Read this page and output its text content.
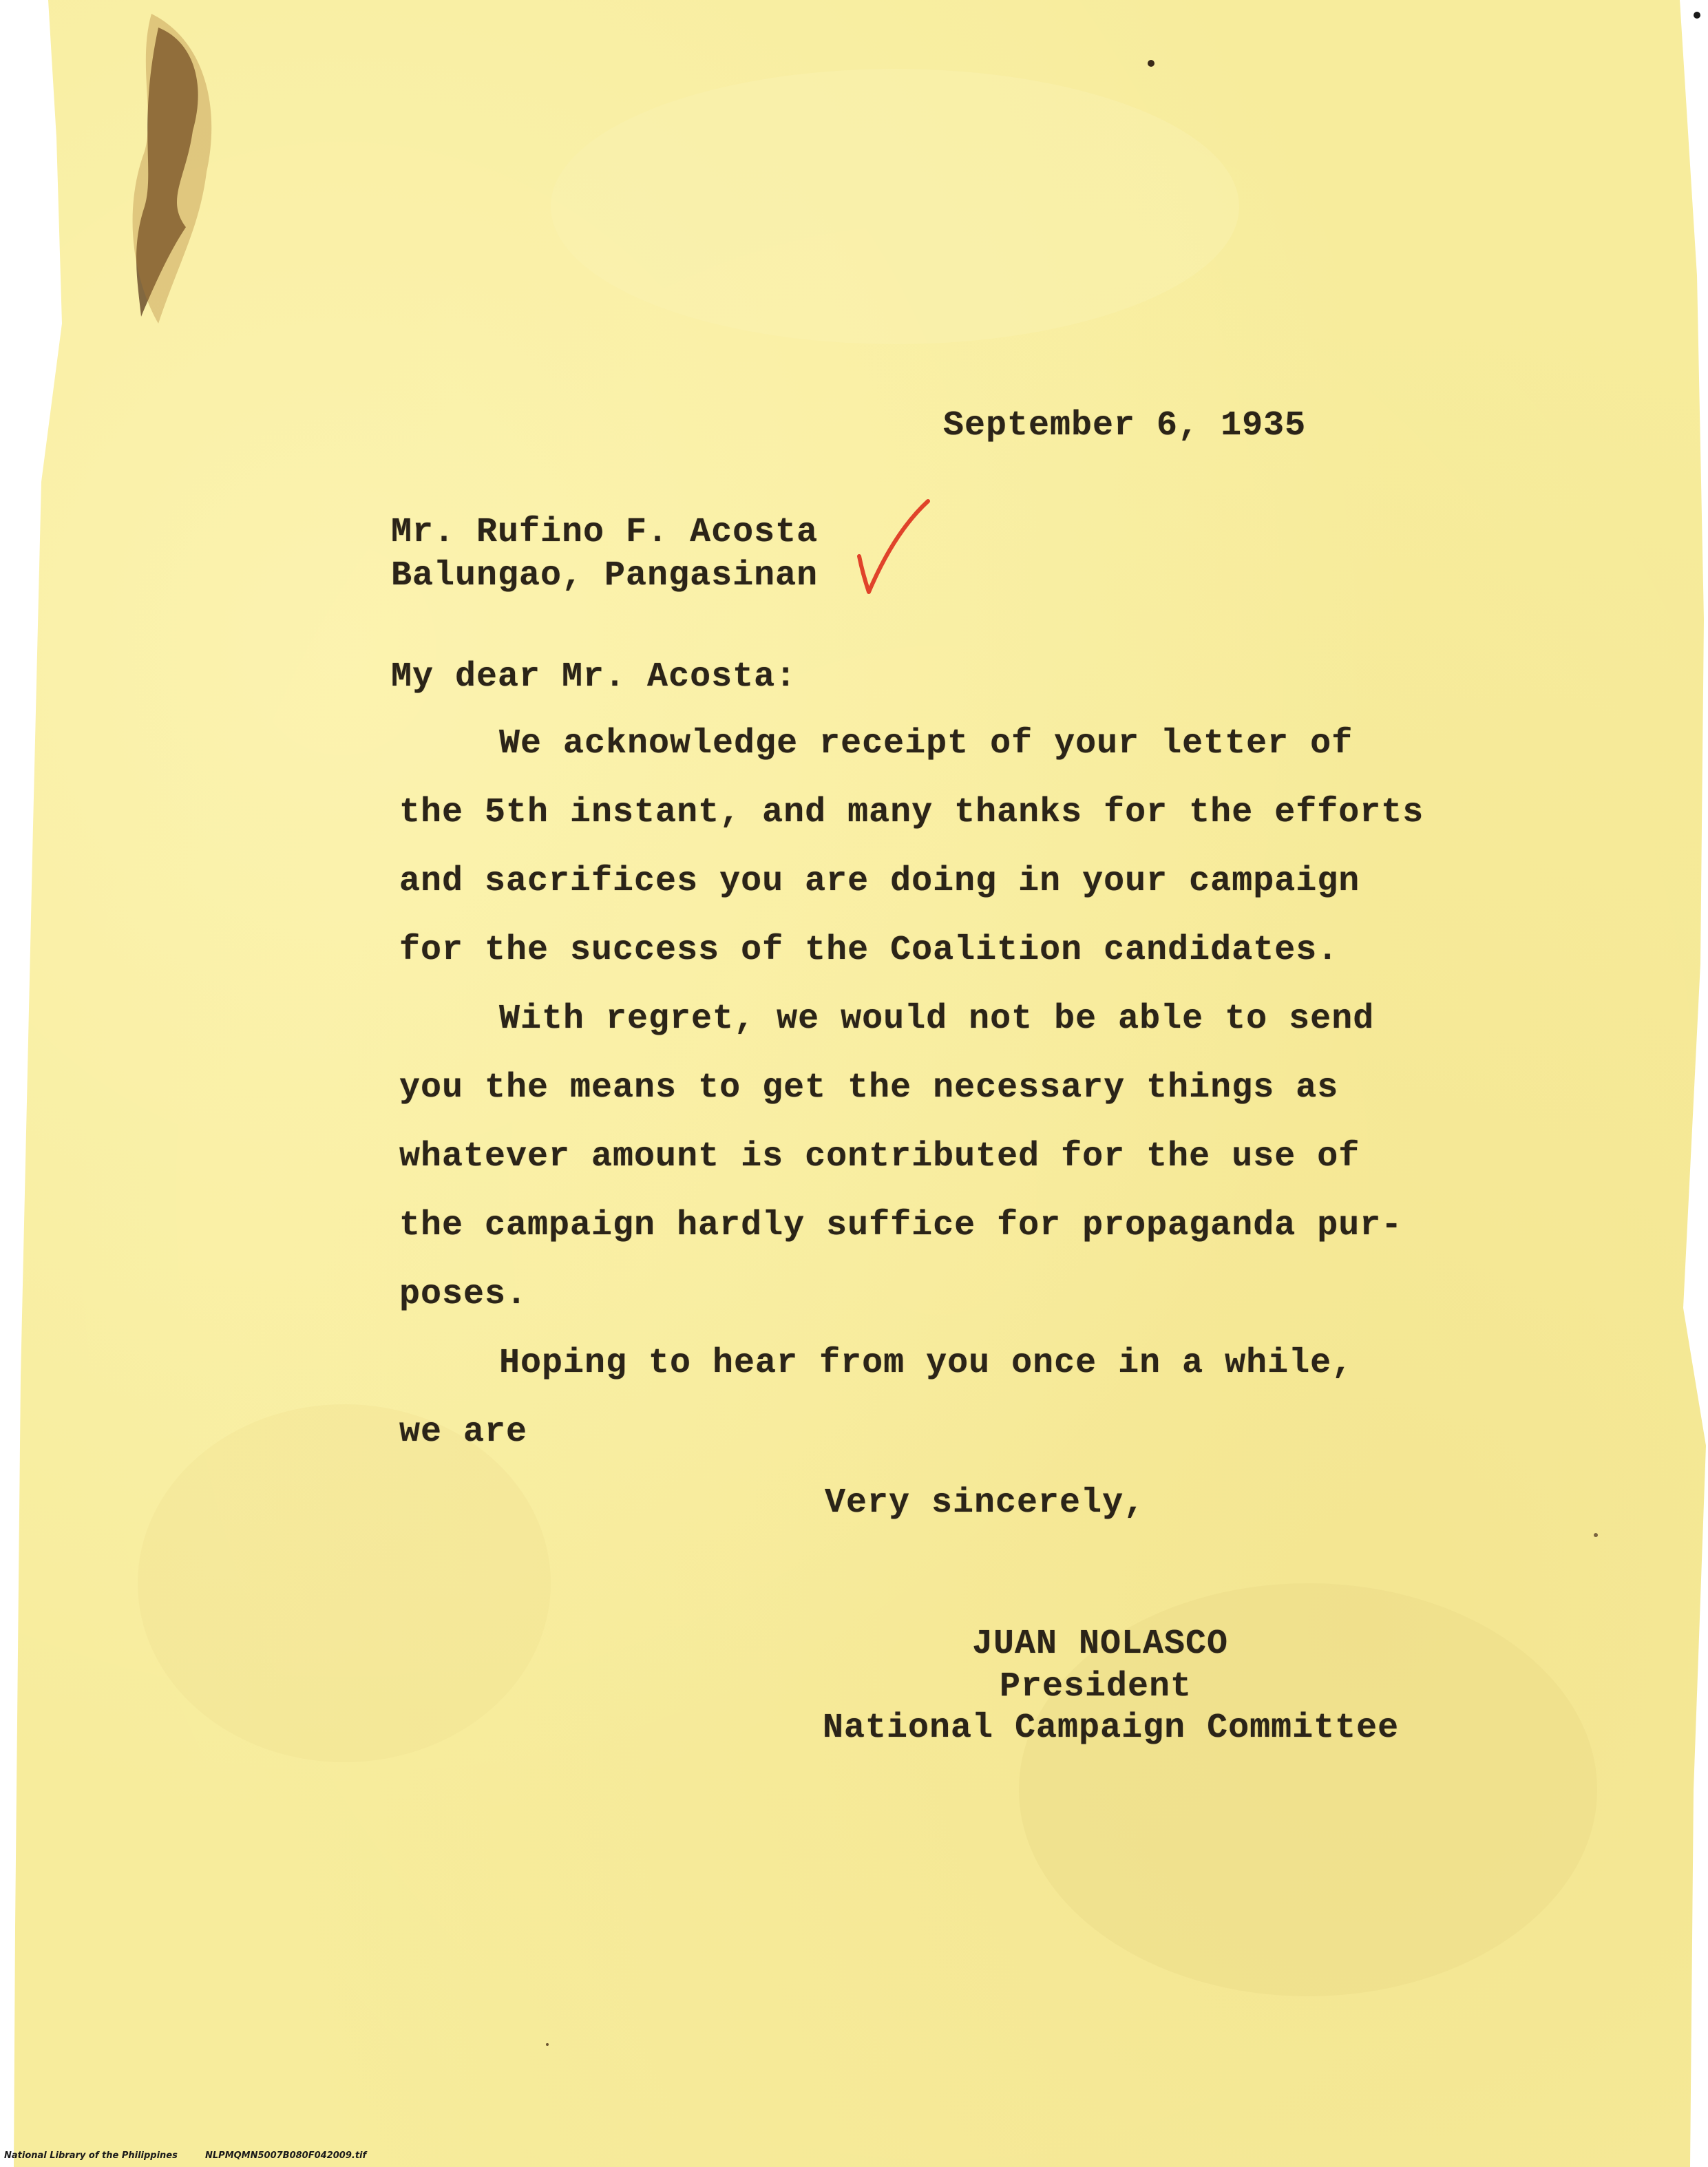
September 6, 1935
Mr. Rufino F. Acosta
Balungao, Pangasinan
My dear Mr. Acosta:
We acknowledge receipt of your letter of
the 5th instant, and many thanks for the efforts
and sacrifices you are doing in your campaign
for the success of the Coalition candidates.
With regret, we would not be able to send
you the means to get the necessary things as
whatever amount is contributed for the use of
the campaign hardly suffice for propaganda pur-
poses.
Hoping to hear from you once in a while,
we are
Very sincerely,
JUAN NOLASCO
President
National Campaign Committee
National Library of the Philippines	NLPMQMN5007B080F042009.tif
